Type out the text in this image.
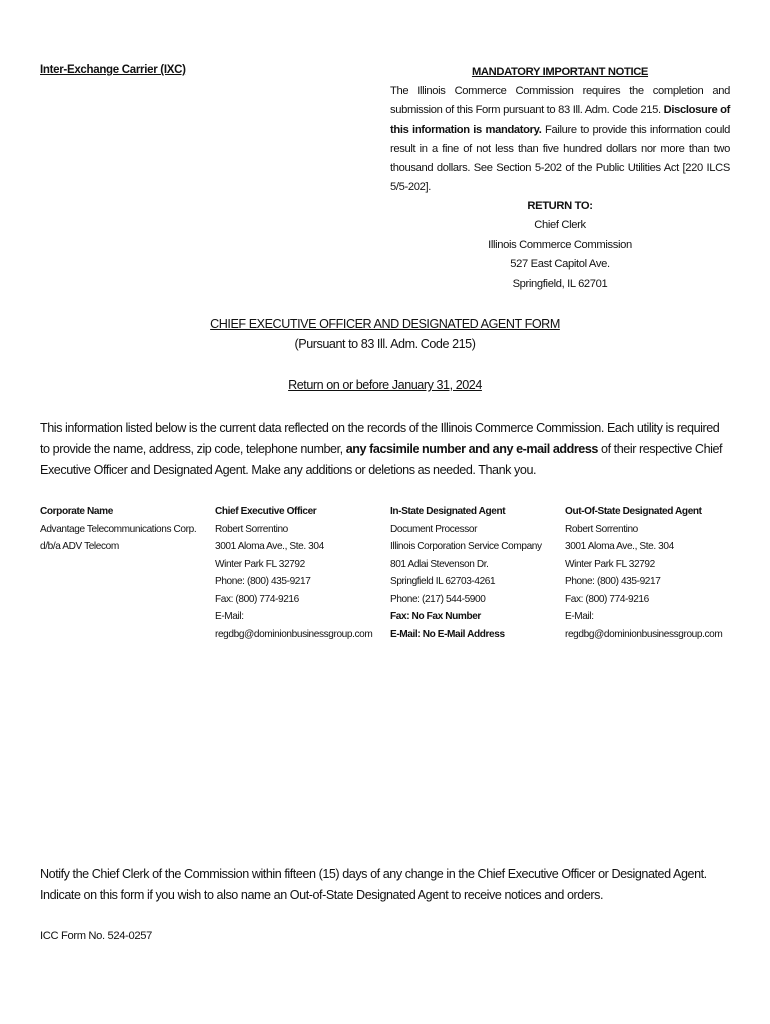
Inter-Exchange Carrier (IXC)	MANDATORY IMPORTANT NOTICE
The Illinois Commerce Commission requires the completion and submission of this Form pursuant to 83 Ill. Adm. Code 215. Disclosure of this information is mandatory. Failure to provide this information could result in a fine of not less than five hundred dollars nor more than two thousand dollars. See Section 5-202 of the Public Utilities Act [220 ILCS 5/5-202].
RETURN TO:
Chief Clerk
Illinois Commerce Commission
527 East Capitol Ave.
Springfield, IL 62701
CHIEF EXECUTIVE OFFICER AND DESIGNATED AGENT FORM
(Pursuant to 83 Ill. Adm. Code 215)
Return on or before January 31, 2024
This information listed below is the current data reflected on the records of the Illinois Commerce Commission. Each utility is required to provide the name, address, zip code, telephone number, any facsimile number and any e-mail address of their respective Chief Executive Officer and Designated Agent. Make any additions or deletions as needed. Thank you.
Corporate Name
Advantage Telecommunications Corp.
d/b/a ADV Telecom
Chief Executive Officer
Robert Sorrentino
3001 Aloma Ave., Ste. 304
Winter Park FL 32792
Phone: (800) 435-9217
Fax: (800) 774-9216
E-Mail:
regdbg@dominionbusinessgroup.com
In-State Designated Agent
Document Processor
Illinois Corporation Service Company
801 Adlai Stevenson Dr.
Springfield IL 62703-4261
Phone: (217) 544-5900
Fax: No Fax Number
E-Mail: No E-Mail Address
Out-Of-State Designated Agent
Robert Sorrentino
3001 Aloma Ave., Ste. 304
Winter Park FL 32792
Phone: (800) 435-9217
Fax: (800) 774-9216
E-Mail:
regdbg@dominionbusinessgroup.com
Notify the Chief Clerk of the Commission within fifteen (15) days of any change in the Chief Executive Officer or Designated Agent.
Indicate on this form if you wish to also name an Out-of-State Designated Agent to receive notices and orders.
ICC Form No. 524-0257
